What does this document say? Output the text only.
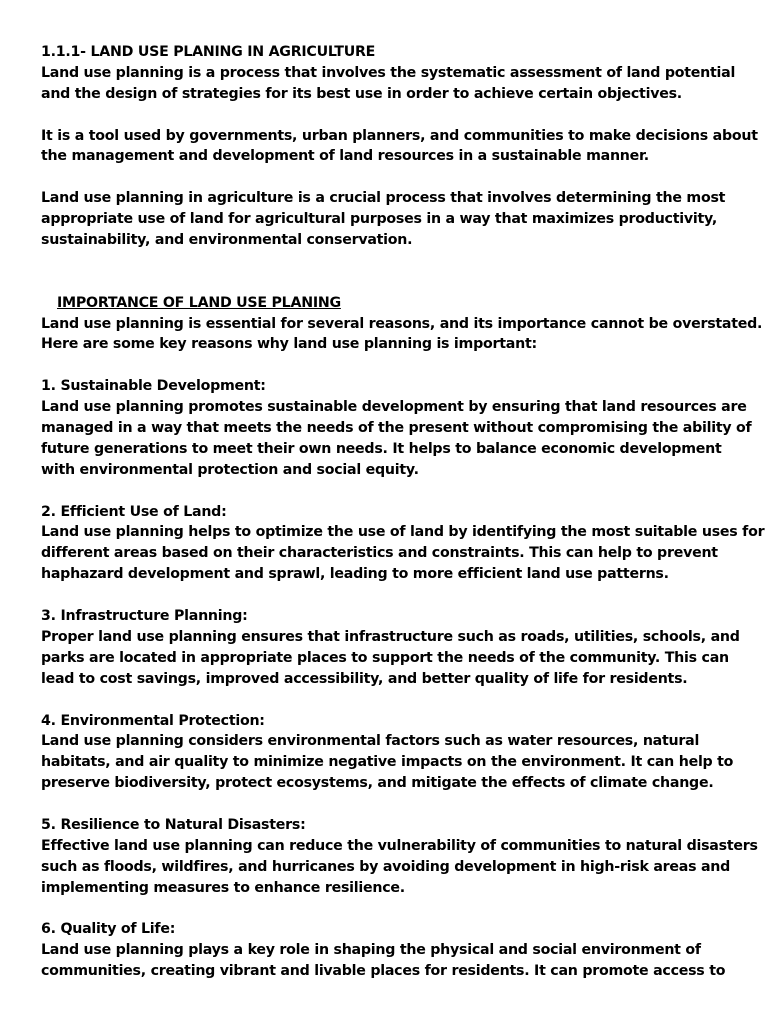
1.1.1- LAND USE PLANING IN AGRICULTURE
Land use planning is a process that involves the systematic assessment of land potential
and the design of strategies for its best use in order to achieve certain objectives.
It is a tool used by governments, urban planners, and communities to make decisions about
the management and development of land resources in a sustainable manner.
Land use planning in agriculture is a crucial process that involves determining the most
appropriate use of land for agricultural purposes in a way that maximizes productivity,
sustainability, and environmental conservation.
IMPORTANCE OF LAND USE PLANING
Land use planning is essential for several reasons, and its importance cannot be overstated.
Here are some key reasons why land use planning is important:
1. Sustainable Development:
Land use planning promotes sustainable development by ensuring that land resources are
managed in a way that meets the needs of the present without compromising the ability of
future generations to meet their own needs. It helps to balance economic development
with environmental protection and social equity.
2. Efficient Use of Land:
Land use planning helps to optimize the use of land by identifying the most suitable uses for
different areas based on their characteristics and constraints. This can help to prevent
haphazard development and sprawl, leading to more efficient land use patterns.
3. Infrastructure Planning:
Proper land use planning ensures that infrastructure such as roads, utilities, schools, and
parks are located in appropriate places to support the needs of the community. This can
lead to cost savings, improved accessibility, and better quality of life for residents.
4. Environmental Protection:
Land use planning considers environmental factors such as water resources, natural
habitats, and air quality to minimize negative impacts on the environment. It can help to
preserve biodiversity, protect ecosystems, and mitigate the effects of climate change.
5. Resilience to Natural Disasters:
Effective land use planning can reduce the vulnerability of communities to natural disasters
such as floods, wildfires, and hurricanes by avoiding development in high-risk areas and
implementing measures to enhance resilience.
6. Quality of Life:
Land use planning plays a key role in shaping the physical and social environment of
communities, creating vibrant and livable places for residents. It can promote access to
